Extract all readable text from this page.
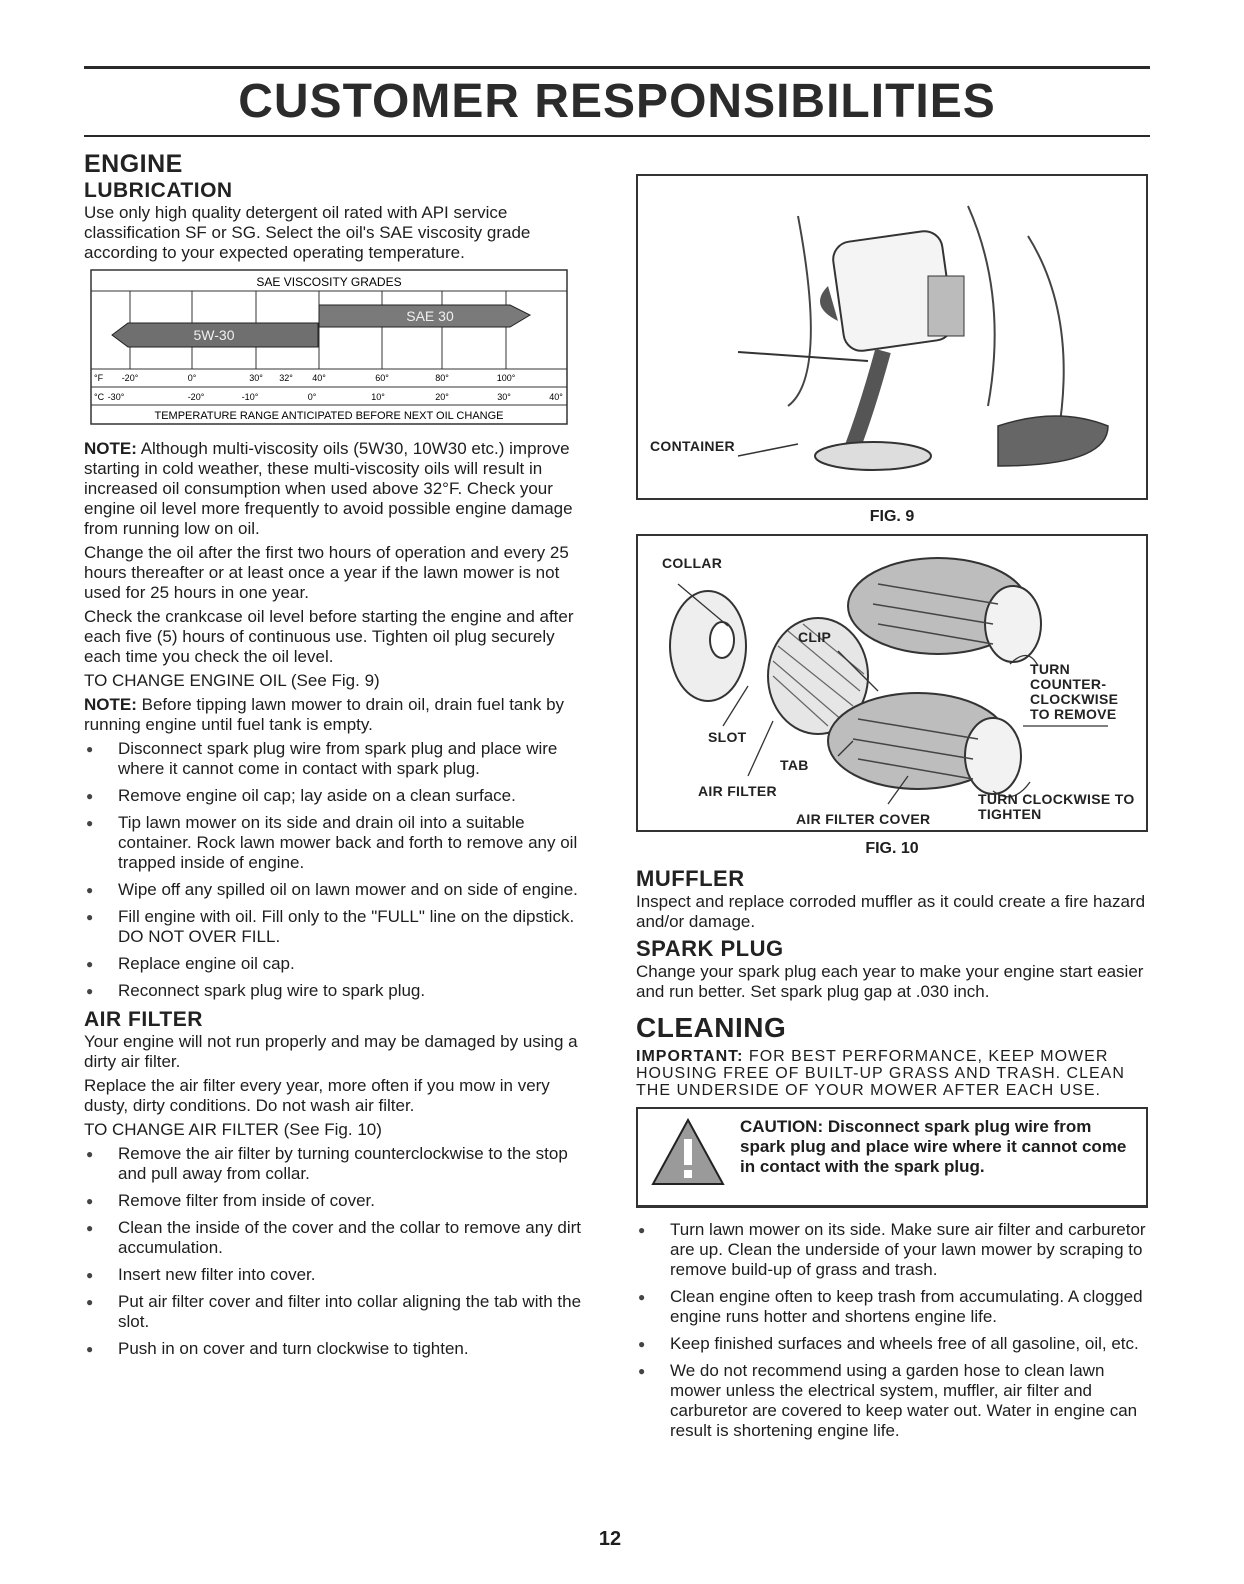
CUSTOMER RESPONSIBILITIES
ENGINE
LUBRICATION

Use only high quality detergent oil rated with API service classification SF or SG. Select the oil's SAE viscosity grade according to your expected operating temperature.

SAE VISCOSITY GRADES
5W-30
SAE 30
°F -20°	0°	30° 32° 40°	60°	80°	100°
°C -30°	-20°	-10°	0°	10°	20°	30°	40°
TEMPERATURE RANGE ANTICIPATED BEFORE NEXT OIL CHANGE

NOTE: Although multi-viscosity oils (5W30, 10W30 etc.) improve starting in cold weather, these multi-viscosity oils will result in increased oil consumption when used above 32°F. Check your engine oil level more frequently to avoid possible engine damage from running low on oil.

Change the oil after the first two hours of operation and every 25 hours thereafter or at least once a year if the lawn mower is not used for 25 hours in one year.

Check the crankcase oil level before starting the engine and after each five (5) hours of continuous use. Tighten oil plug securely each time you check the oil level.

TO CHANGE ENGINE OIL (See Fig. 9)

NOTE: Before tipping lawn mower to drain oil, drain fuel tank by running engine until fuel tank is empty.

● Disconnect spark plug wire from spark plug and place wire where it cannot come in contact with spark plug.
● Remove engine oil cap; lay aside on a clean surface.
● Tip lawn mower on its side and drain oil into a suitable container. Rock lawn mower back and forth to remove any oil trapped inside of engine.
● Wipe off any spilled oil on lawn mower and on side of engine.
● Fill engine with oil. Fill only to the "FULL" line on the dipstick. DO NOT OVER FILL.
● Replace engine oil cap.
● Reconnect spark plug wire to spark plug.
AIR FILTER

Your engine will not run properly and may be damaged by using a dirty air filter.

Replace the air filter every year, more often if you mow in very dusty, dirty conditions. Do not wash air filter.

TO CHANGE AIR FILTER (See Fig. 10)
● Remove the air filter by turning counterclockwise to the stop and pull away from collar.
● Remove filter from inside of cover.
● Clean the inside of the cover and the collar to remove any dirt accumulation.
● Insert new filter into cover.
● Put air filter cover and filter into collar aligning the tab with the slot.
● Push in on cover and turn clockwise to tighten.
CONTAINER
FIG. 9
COLLAR
CLIP
TURN COUNTER- CLOCKWISE TO REMOVE
SLOT
TAB
AIR FILTER	TURN CLOCKWISE TO TIGHTEN
AIR FILTER COVER
FIG. 10
MUFFLER

Inspect and replace corroded muffler as it could create a fire hazard and/or damage.

SPARK PLUG

Change your spark plug each year to make your engine start easier and run better. Set spark plug gap at .030 inch.

CLEANING
IMPORTANT: FOR BEST PERFORMANCE, KEEP MOWER HOUSING FREE OF BUILT-UP GRASS AND TRASH. CLEAN THE UNDERSIDE OF YOUR MOWER AFTER EACH USE.
CAUTION: Disconnect spark plug wire from spark plug and place wire where it cannot come in contact with the spark plug.
● Turn lawn mower on its side. Make sure air filter and carburetor are up. Clean the underside of your lawn mower by scraping to remove build-up of grass and trash.
● Clean engine often to keep trash from accumulating. A clogged engine runs hotter and shortens engine life.
● Keep finished surfaces and wheels free of all gasoline, oil, etc.
● We do not recommend using a garden hose to clean lawn mower unless the electrical system, muffler, air filter and carburetor are covered to keep water out. Water in engine can result is shortening engine life.
12
